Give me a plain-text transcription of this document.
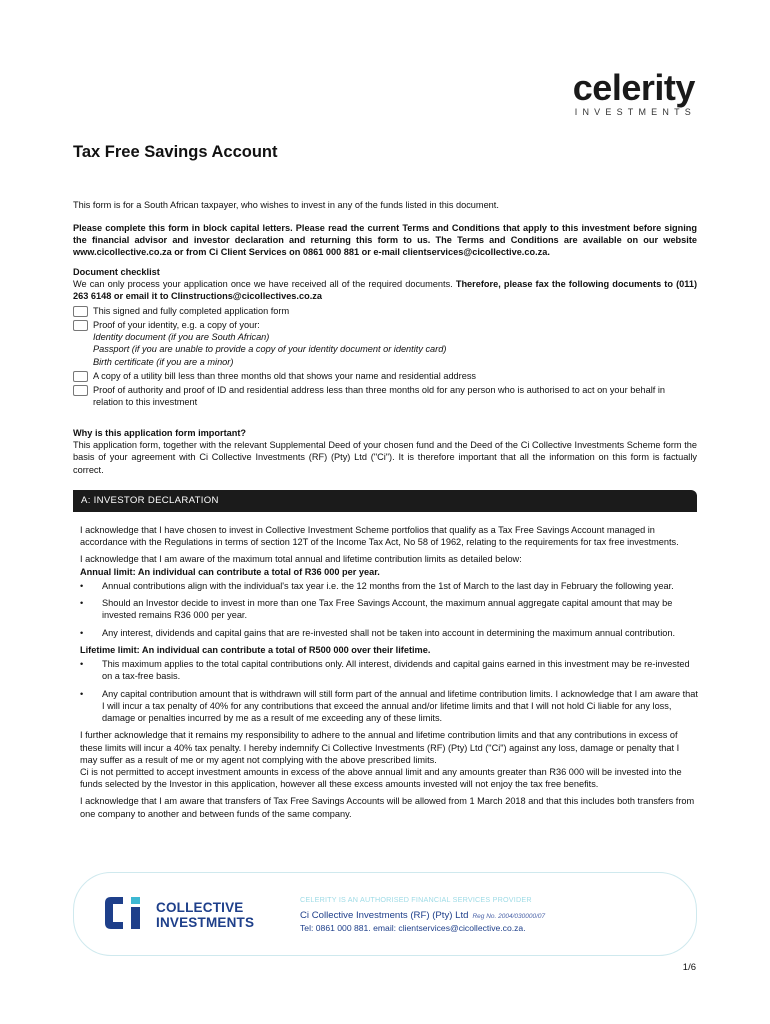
celerity
INVESTMENTS
Tax Free Savings Account
This form is for a South African taxpayer, who wishes to invest in any of the funds listed in this document.
Please complete this form in block capital letters. Please read the current Terms and Conditions that apply to this investment before signing the financial advisor and investor declaration and returning this form to us. The Terms and Conditions are available on our website www.cicollective.co.za or from Ci Client Services on 0861 000 881 or e-mail clientservices@cicollective.co.za.

Document checklist

We can only process your application once we have received all of the required documents. Therefore, please fax the following documents to (011) 263 6148 or email it to CIinstructions@cicollectives.co.za

This signed and fully completed application form
Proof of your identity, e.g. a copy of your:
Identity document (if you are South African)
Passport (if you are unable to provide a copy of your identity document or identity card)
Birth certificate (if you are a minor)
A copy of a utility bill less than three months old that shows your name and residential address
Proof of authority and proof of ID and residential address less than three months old for any person who is authorised to act on your behalf in relation to this investment

Why is this application form important?

This application form, together with the relevant Supplemental Deed of your chosen fund and the Deed of the Ci Collective Investments Scheme form the basis of your agreement with Ci Collective Investments (RF) (Pty) Ltd ("Ci"). It is therefore important that all the information on this form is factually correct.

A: INVESTOR DECLARATION

I acknowledge that I have chosen to invest in Collective Investment Scheme portfolios that qualify as a Tax Free Savings Account managed in accordance with the Regulations in terms of section 12T of the Income Tax Act, No 58 of 1962, relating to the requirements for tax free investments.

I acknowledge that I am aware of the maximum total annual and lifetime contribution limits as detailed below:

Annual limit: An individual can contribute a total of R36 000 per year.

•	Annual contributions align with the individual's tax year i.e. the 12 months from the 1st of March to the last day in February the following year.
•	Should an Investor decide to invest in more than one Tax Free Savings Account, the maximum annual aggregate capital amount that may be invested remains R36 000 per year.
•	Any interest, dividends and capital gains that are re-invested shall not be taken into account in determining the maximum annual contribution.

Lifetime limit: An individual can contribute a total of R500 000 over their lifetime.

•	This maximum applies to the total capital contributions only. All interest, dividends and capital gains earned in this investment may be re-invested on a tax-free basis.
•	Any capital contribution amount that is withdrawn will still form part of the annual and lifetime contribution limits. I acknowledge that I am aware that I will incur a tax penalty of 40% for any contributions that exceed the annual and/or lifetime limits and that I will not hold Ci liable for any loss, damage or penalties incurred by me as a result of me exceeding any of these limits.

I further acknowledge that it remains my responsibility to adhere to the annual and lifetime contribution limits and that any contributions in excess of these limits will incur a 40% tax penalty. I hereby indemnify Ci Collective Investments (RF) (Pty) Ltd ("Ci") against any loss, damage or penalty that I may suffer as a result of me or my agent not complying with the above prescribed limits.

Ci is not permitted to accept investment amounts in excess of the above annual limit and any amounts greater than R36 000 will be invested into the funds selected by the Investor in this application, however all these excess amounts invested will not enjoy the tax free benefits.

I acknowledge that I am aware that transfers of Tax Free Savings Accounts will be allowed from 1 March 2018 and that this includes both transfers from one company to another and between funds of the same company.

COLLECTIVE
INVESTMENTS
CELERITY IS AN AUTHORISED FINANCIAL SERVICES PROVIDER
Ci Collective Investments (RF) (Pty) Ltd Reg No. 2004/030000/07
Tel: 0861 000 881. email: clientservices@cicollective.co.za.
1/6
